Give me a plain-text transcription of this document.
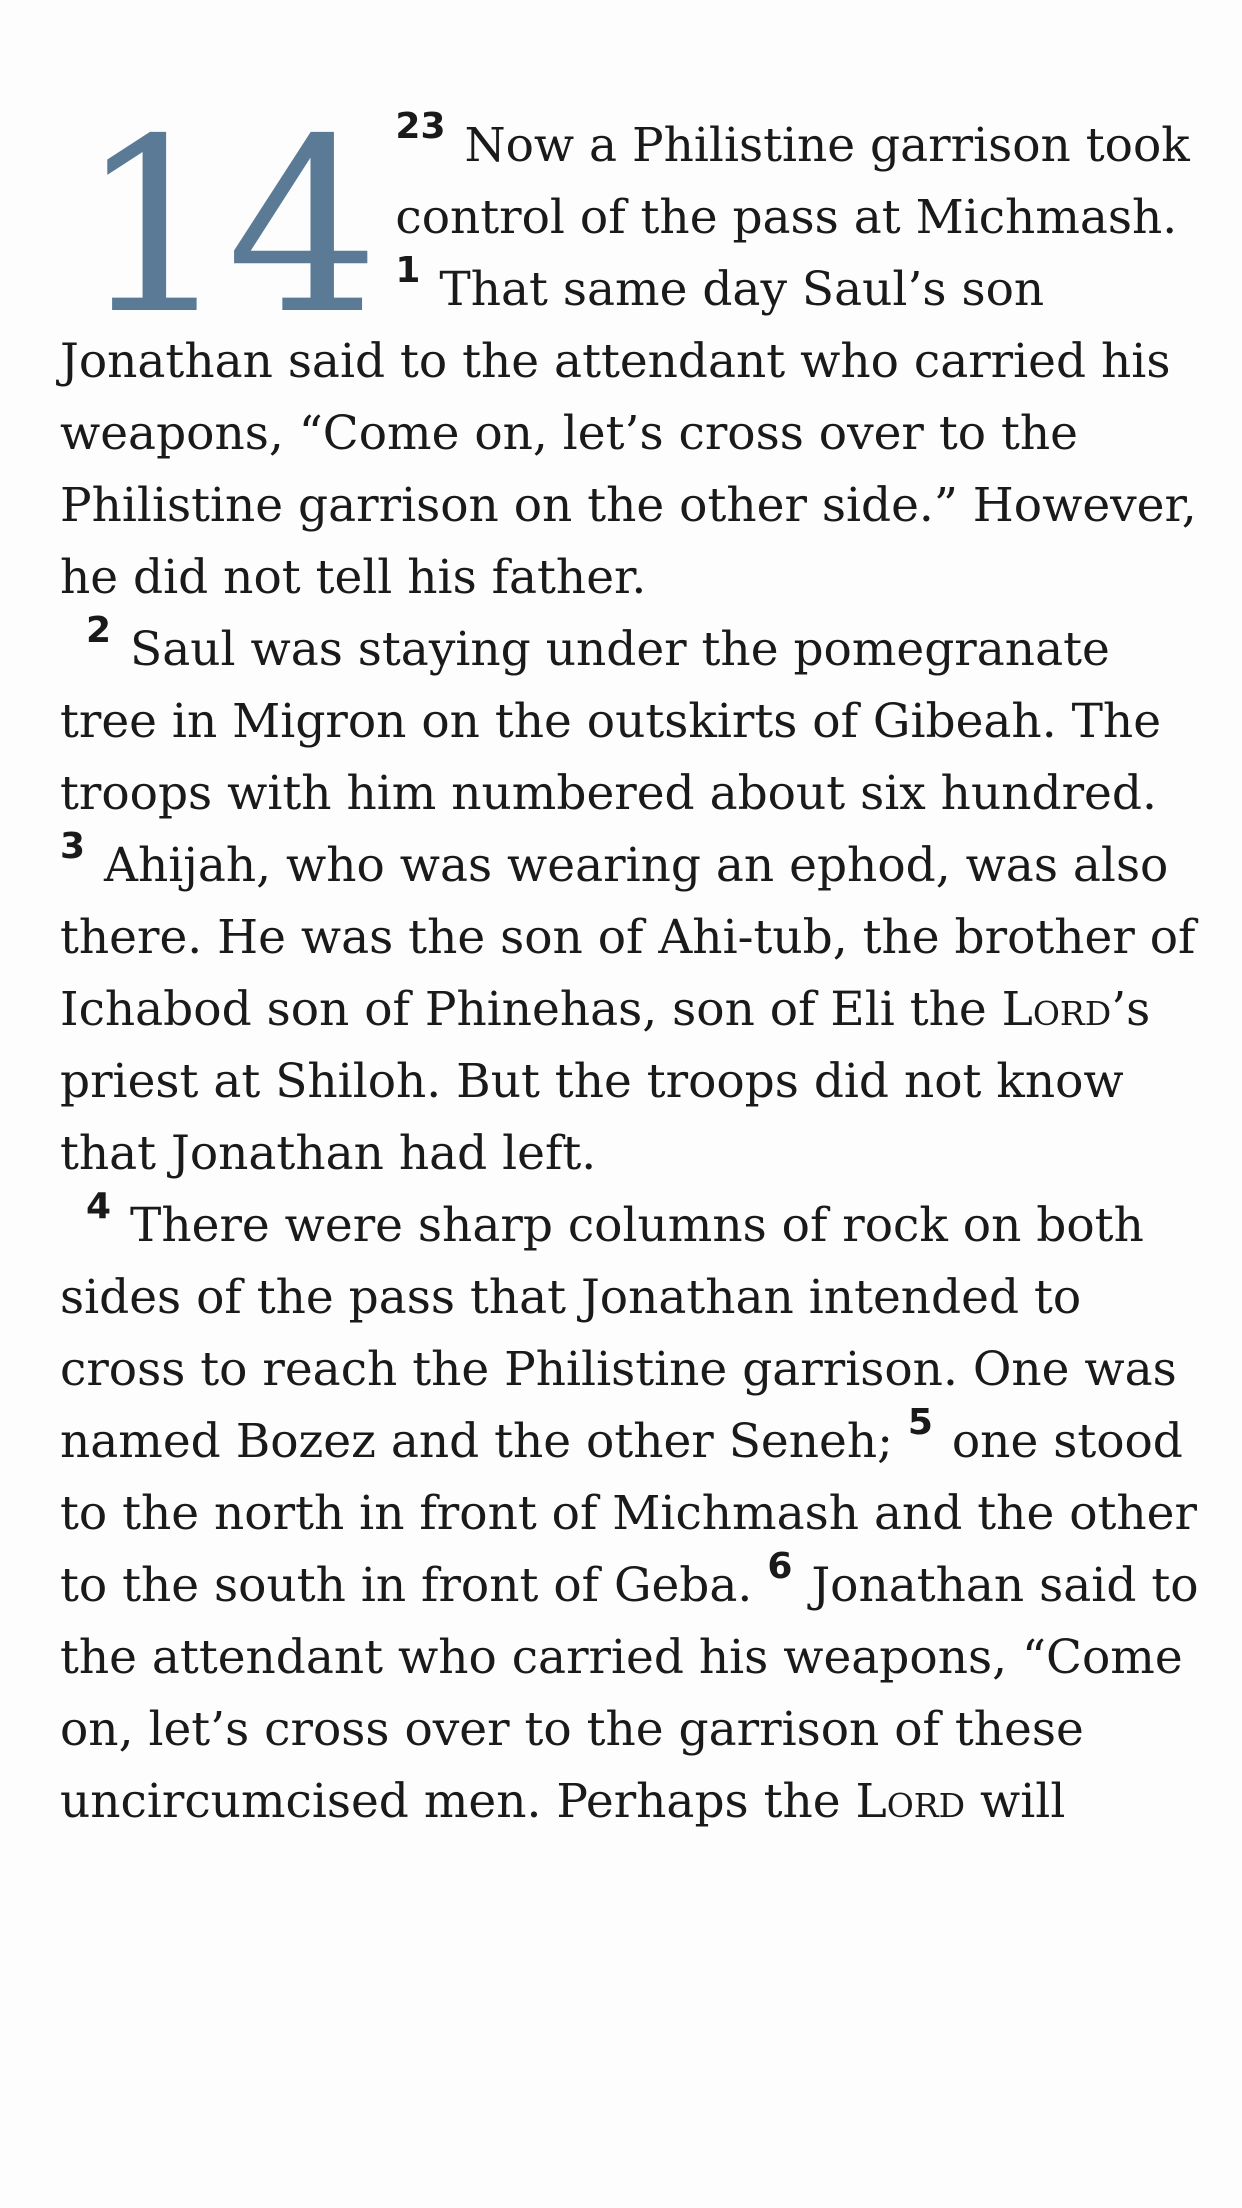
14 $^{23}$ Now a Philistine garrison took control of the pass at Michmash. $^1$ That same day Saul’s son Jonathan said to the attendant who carried his weapons, “Come on, let’s cross over to the Philistine garrison on the other side.” However, he did not tell his father.

$^2$ Saul was staying under the pomegranate tree in Migron on the outskirts of Gibeah. The troops with him numbered about six hundred. $^3$ Ahijah, who was wearing an ephod, was also there. He was the son of Ahi-tub, the brother of Ichabod son of Phinehas, son of Eli the Lord’s priest at Shiloh. But the troops did not know that Jonathan had left.

$^4$ There were sharp columns of rock on both sides of the pass that Jonathan intended to cross to reach the Philistine garrison. One was named Bozez and the other Seneh; $^5$ one stood to the north in front of Michmash and the other to the south in front of Geba. $^6$ Jonathan said to the attendant who carried his weapons, “Come on, let’s cross over to the garrison of these uncircumcised men. Perhaps the Lord will
